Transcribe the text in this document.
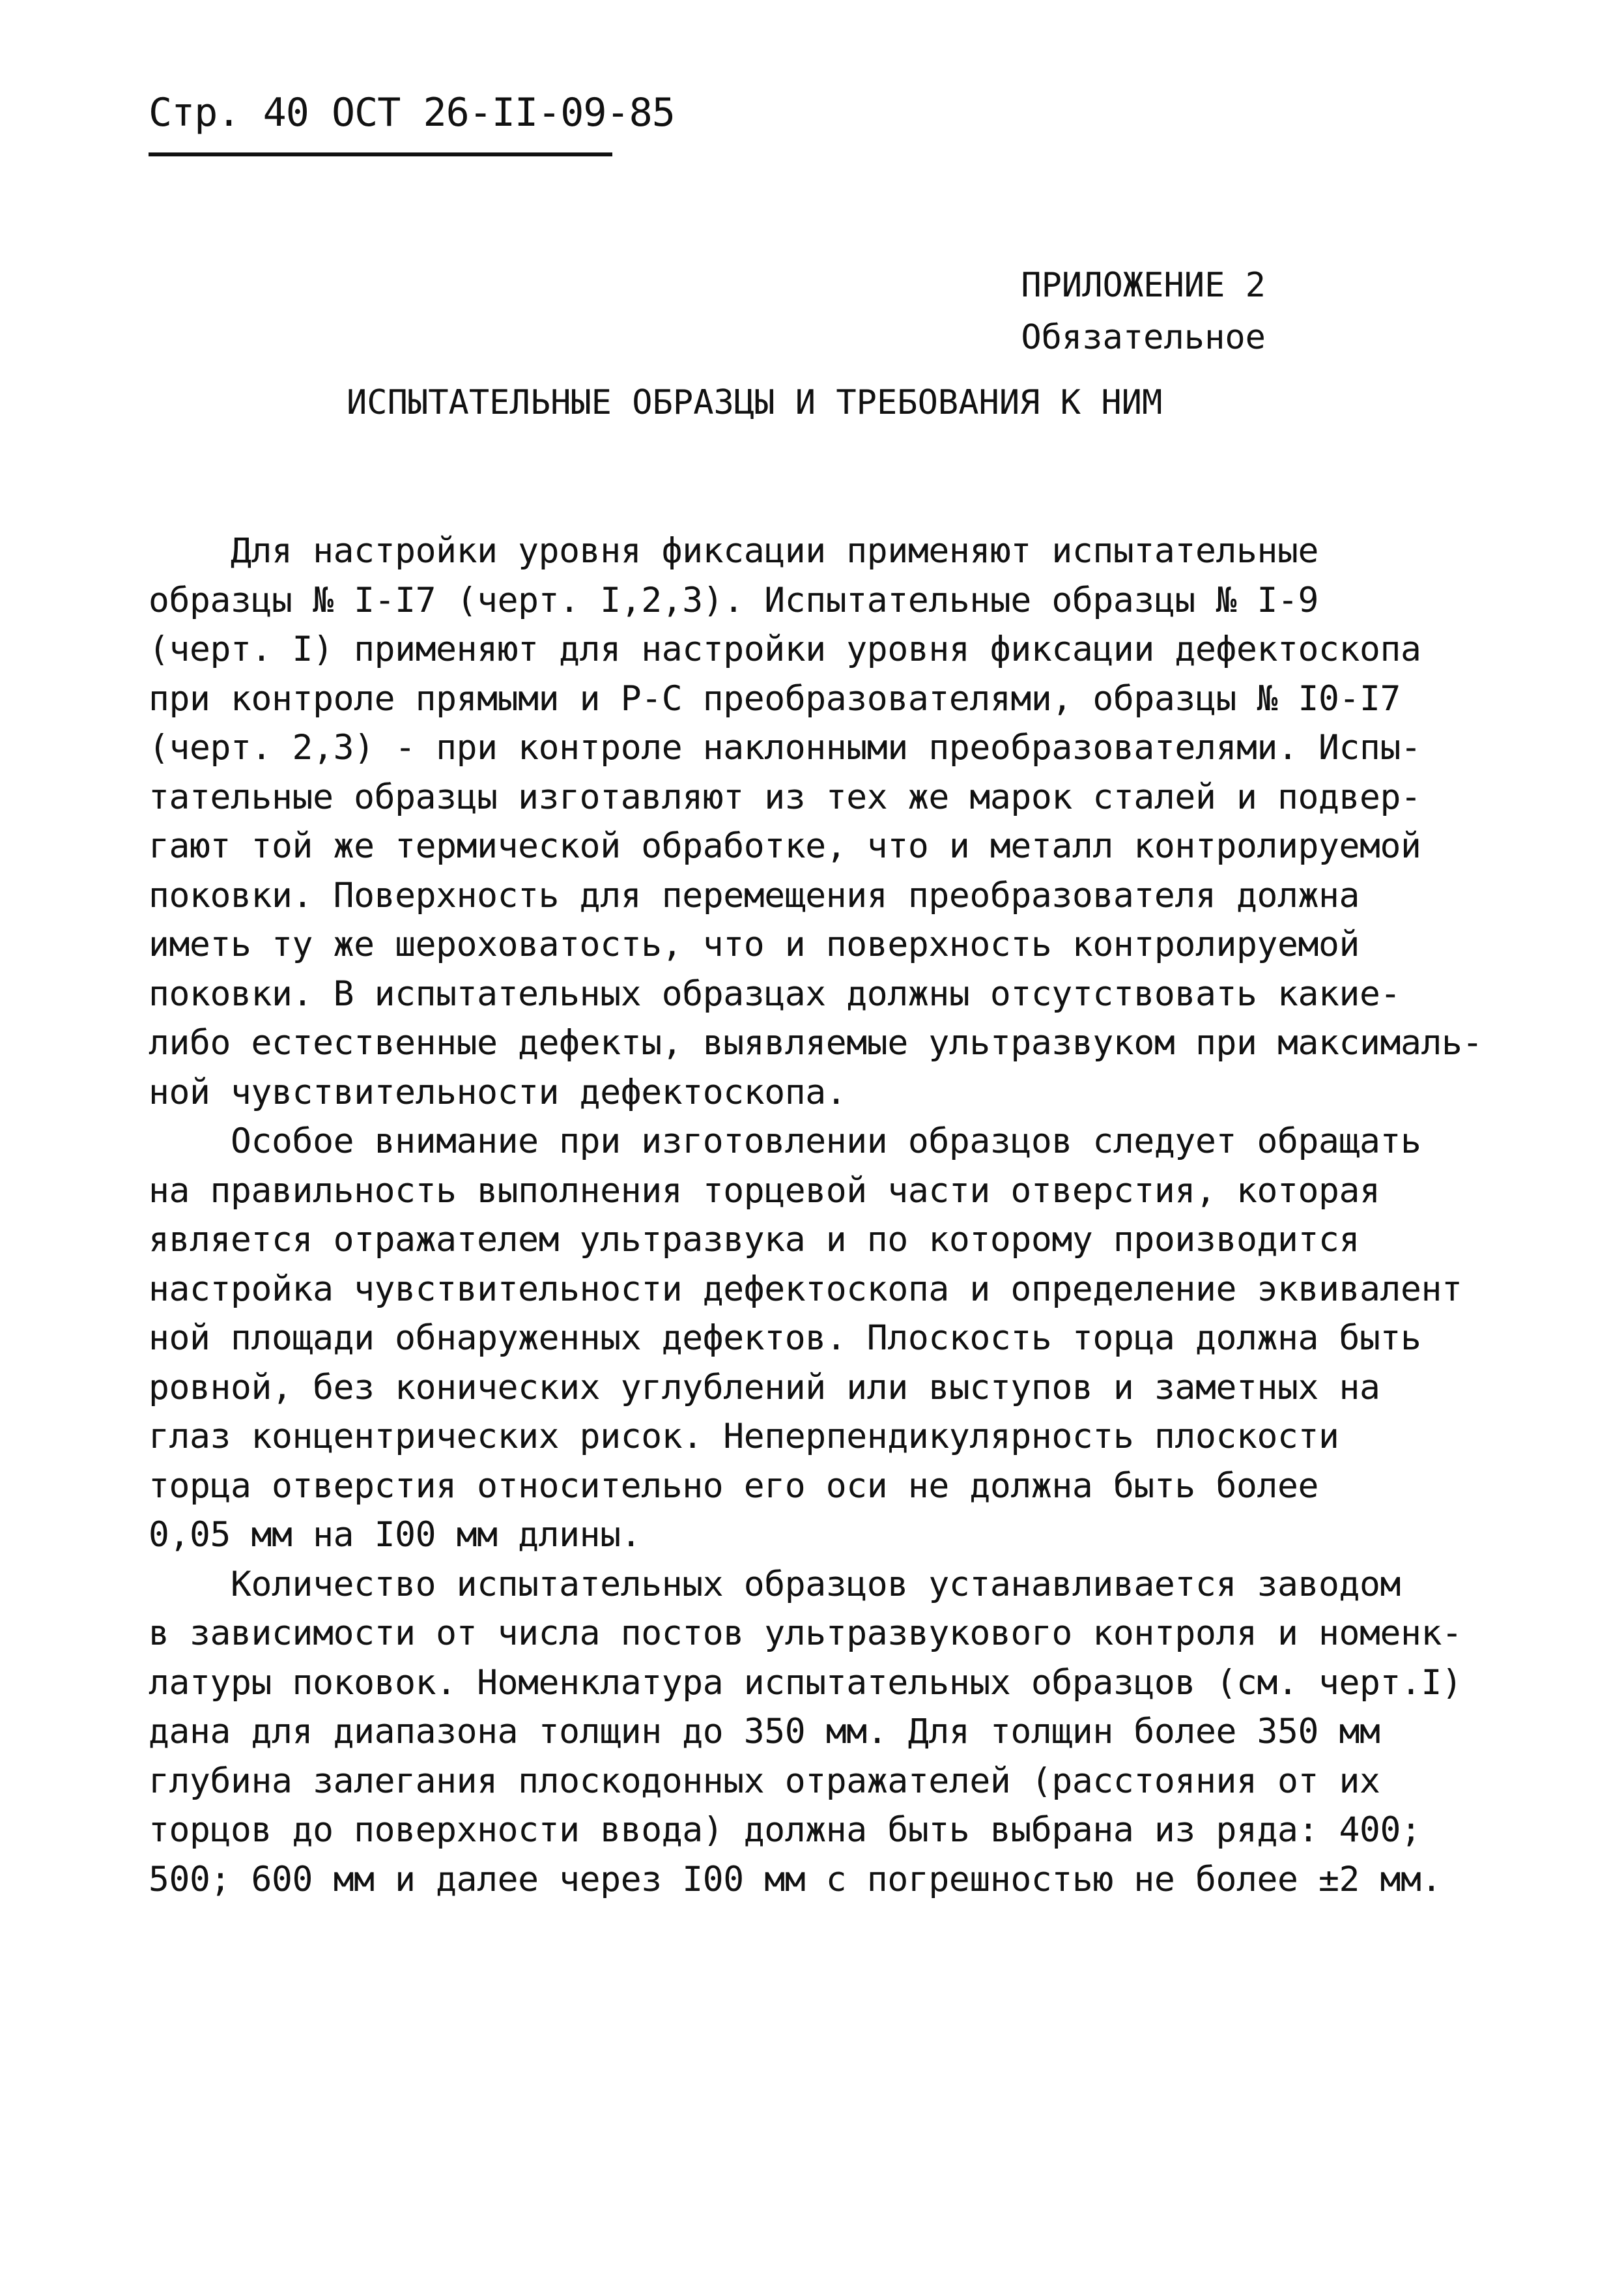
Стр. 40 ОСТ 26-II-09-85
ПРИЛОЖЕНИЕ 2
Обязательное
ИСПЫТАТЕЛЬНЫЕ ОБРАЗЦЫ И ТРЕБОВАНИЯ К НИМ
Для настройки уровня фиксации применяют испытательные
образцы № I-I7 (черт. I,2,3). Испытательные образцы № I-9
(черт. I) применяют для настройки уровня фиксации дефектоскопа
при контроле прямыми и Р-С преобразователями, образцы № I0-I7
(черт. 2,3) - при контроле наклонными преобразователями. Испы-
тательные образцы изготавляют из тех же марок сталей и подвер-
гают той же термической обработке, что и металл контролируемой
поковки. Поверхность для перемещения преобразователя должна
иметь ту же шероховатость, что и поверхность контролируемой
поковки. В испытательных образцах должны отсутствовать какие-
либо естественные дефекты, выявляемые ультразвуком при максималь-
ной чувствительности дефектоскопа.
Особое внимание при изготовлении образцов следует обращать
на правильность выполнения торцевой части отверстия, которая
является отражателем ультразвука и по которому производится
настройка чувствительности дефектоскопа и определение эквивалент
ной площади обнаруженных дефектов. Плоскость торца должна быть
ровной, без конических углублений или выступов и заметных на
глаз концентрических рисок. Неперпендикулярность плоскости
торца отверстия относительно его оси не должна быть более
0,05 мм на I00 мм длины.
Количество испытательных образцов устанавливается заводом
в зависимости от числа постов ультразвукового контроля и номенк-
латуры поковок. Номенклатура испытательных образцов (см. черт.I)
дана для диапазона толщин до 350 мм. Для толщин более 350 мм
глубина залегания плоскодонных отражателей (расстояния от их
торцов до поверхности ввода) должна быть выбрана из ряда: 400;
500; 600 мм и далее через I00 мм с погрешностью не более ±2 мм.
